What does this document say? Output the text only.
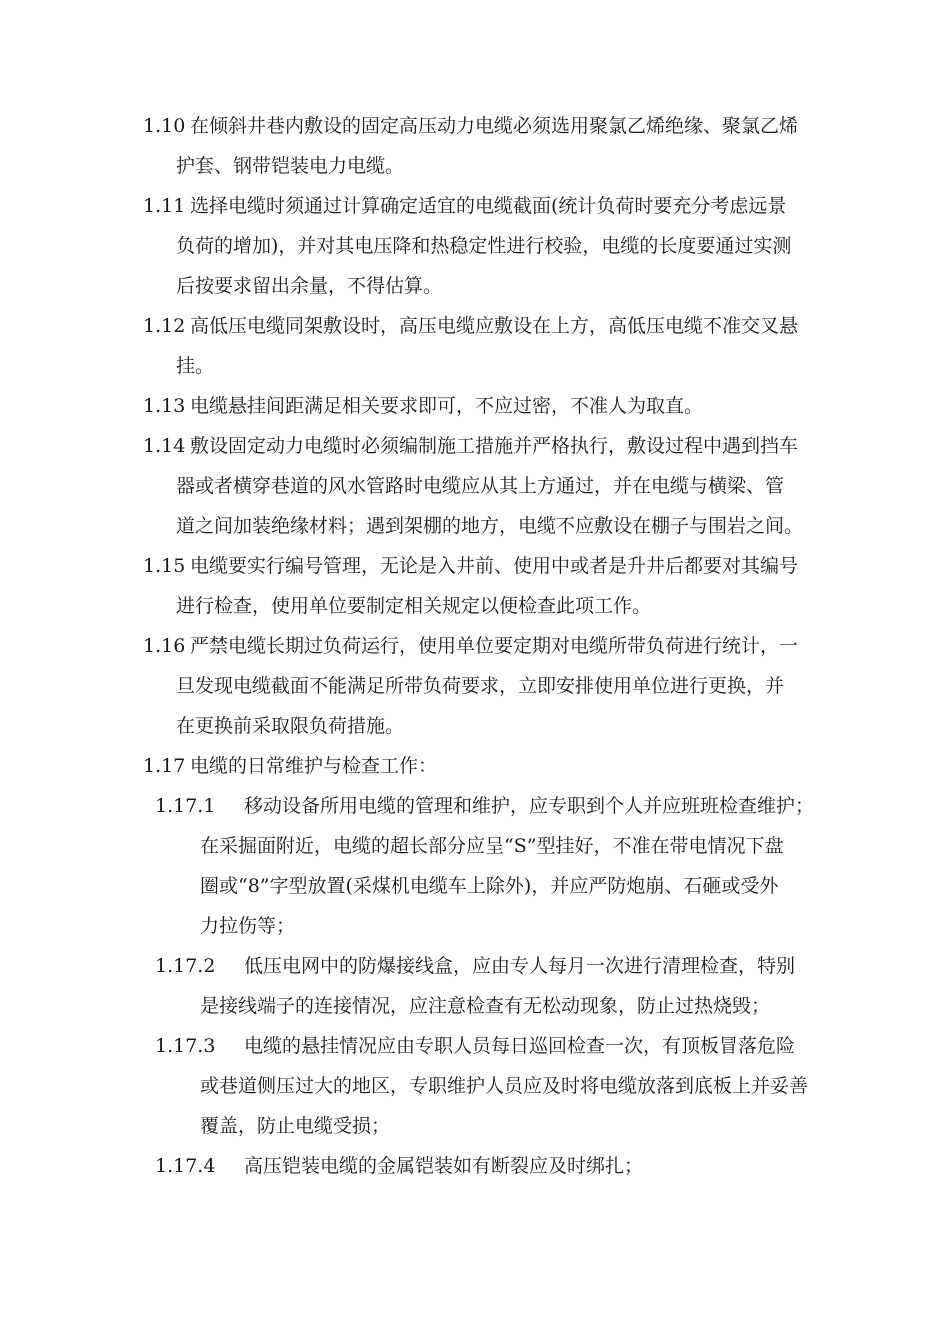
1.10 在倾斜井巷内敷设的固定高压动力电缆必须选用聚氯乙烯绝缘、聚氯乙烯
护套、钢带铠装电力电缆。
1.11 选择电缆时须通过计算确定适宜的电缆截面(统计负荷时要充分考虑远景
负荷的增加)，并对其电压降和热稳定性进行校验，电缆的长度要通过实测
后按要求留出余量，不得估算。
1.12 高低压电缆同架敷设时，高压电缆应敷设在上方，高低压电缆不准交叉悬
挂。
1.13 电缆悬挂间距满足相关要求即可，不应过密，不准人为取直。
1.14 敷设固定动力电缆时必须编制施工措施并严格执行，敷设过程中遇到挡车
器或者横穿巷道的风水管路时电缆应从其上方通过，并在电缆与横梁、管
道之间加装绝缘材料；遇到架棚的地方，电缆不应敷设在棚子与围岩之间。
1.15 电缆要实行编号管理，无论是入井前、使用中或者是升井后都要对其编号
进行检查，使用单位要制定相关规定以便检查此项工作。
1.16 严禁电缆长期过负荷运行，使用单位要定期对电缆所带负荷进行统计，一
旦发现电缆截面不能满足所带负荷要求，立即安排使用单位进行更换，并
在更换前采取限负荷措施。
1.17 电缆的日常维护与检查工作：
1.17.1 移动设备所用电缆的管理和维护，应专职到个人并应班班检查维护；
在采掘面附近，电缆的超长部分应呈“S”型挂好，不准在带电情况下盘
圈或“8”字型放置(采煤机电缆车上除外)，并应严防炮崩、石砸或受外
力拉伤等；
1.17.2 低压电网中的防爆接线盒，应由专人每月一次进行清理检查，特别
是接线端子的连接情况，应注意检查有无松动现象，防止过热烧毁；
1.17.3 电缆的悬挂情况应由专职人员每日巡回检查一次，有顶板冒落危险
或巷道侧压过大的地区，专职维护人员应及时将电缆放落到底板上并妥善
覆盖，防止电缆受损；
1.17.4 高压铠装电缆的金属铠装如有断裂应及时绑扎；
